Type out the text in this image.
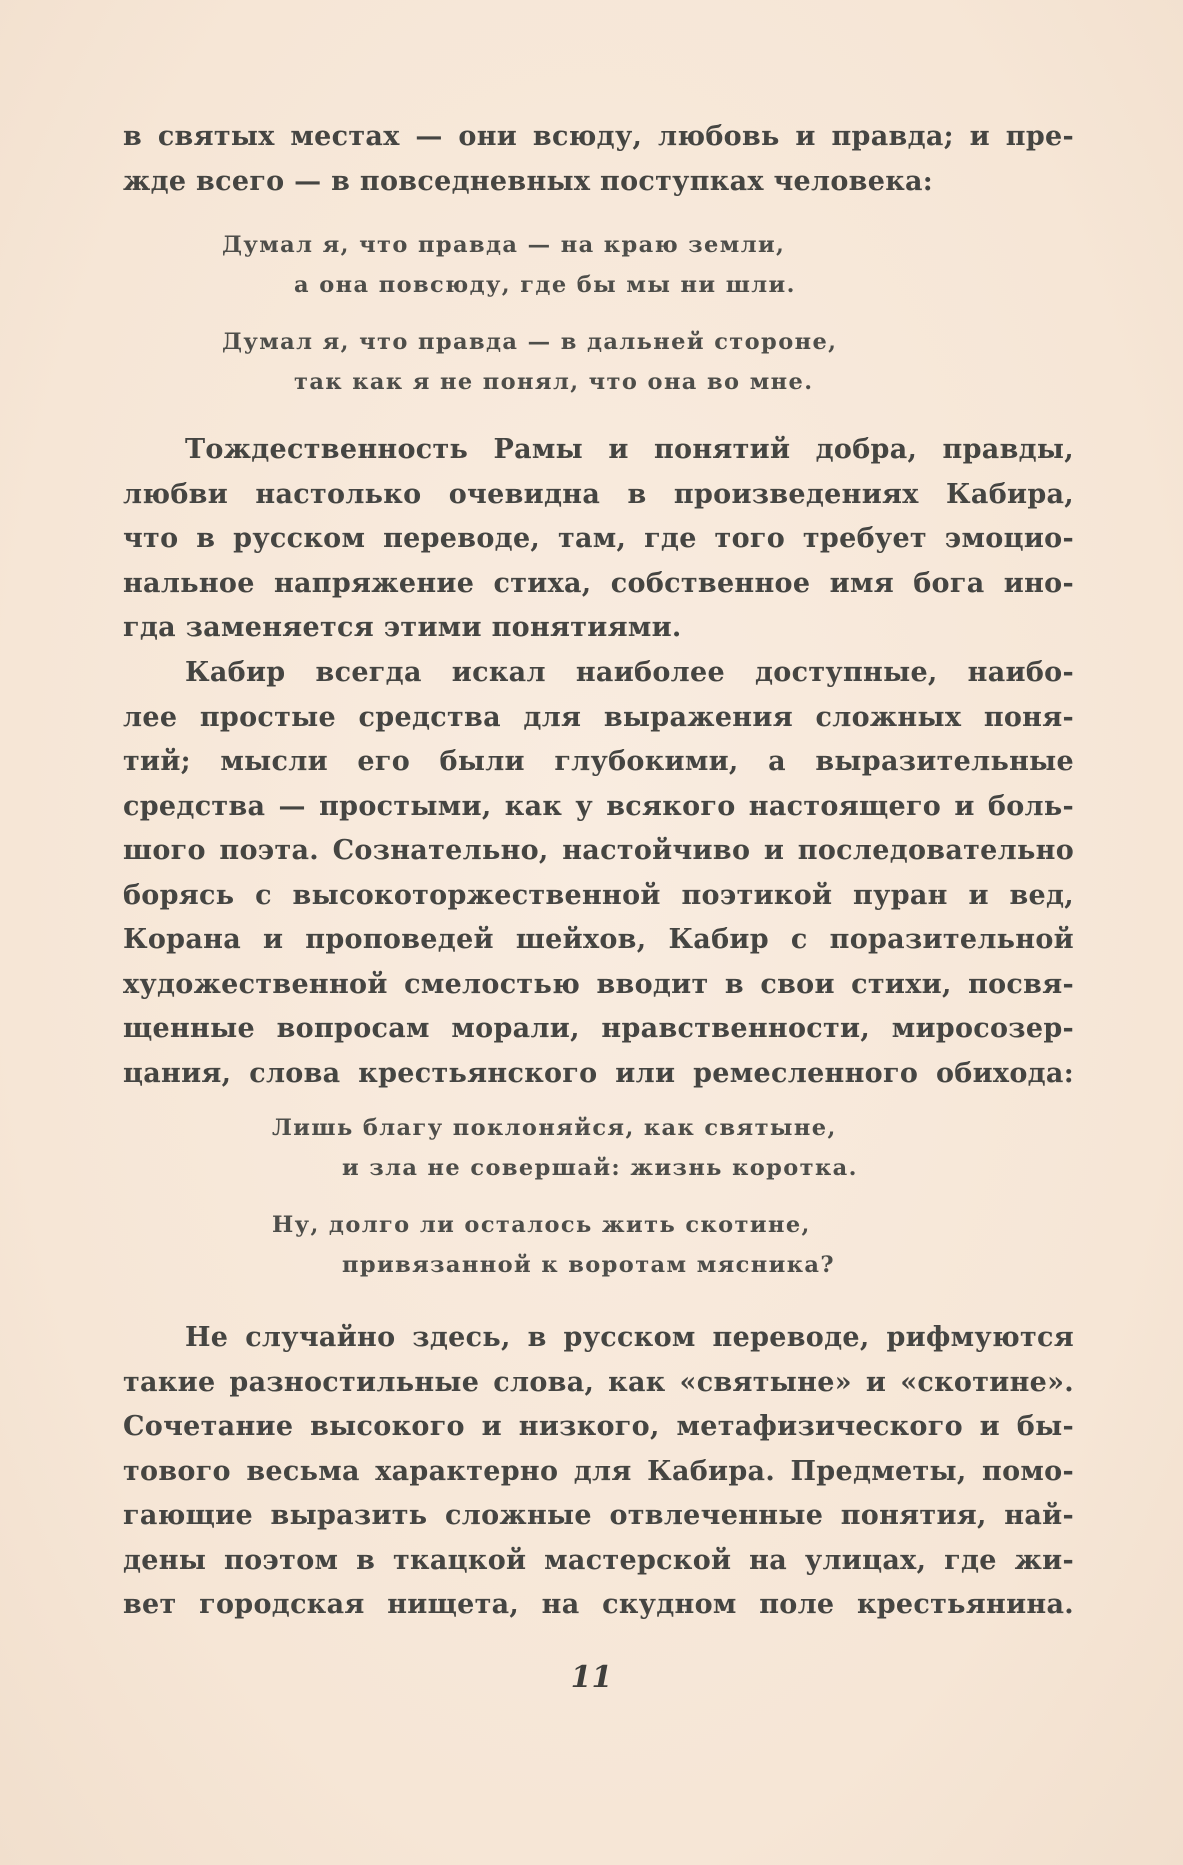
в святых местах — они всюду, любовь и правда; и пре-
жде всего — в повседневных поступках человека:
Думал я, что правда — на краю земли,
а она повсюду, где бы мы ни шли.
Думал я, что правда — в дальней стороне,
так как я не понял, что она во мне.
Тождественность Рамы и понятий добра, правды,
любви настолько очевидна в произведениях Кабира,
что в русском переводе, там, где того требует эмоцио-
нальное напряжение стиха, собственное имя бога ино-
гда заменяется этими понятиями.
Кабир всегда искал наиболее доступные, наибо-
лее простые средства для выражения сложных поня-
тий; мысли его были глубокими, а выразительные
средства — простыми, как у всякого настоящего и боль-
шого поэта. Сознательно, настойчиво и последовательно
борясь с высокоторжественной поэтикой пуран и вед,
Корана и проповедей шейхов, Кабир с поразительной
художественной смелостью вводит в свои стихи, посвя-
щенные вопросам морали, нравственности, миросозер-
цания, слова крестьянского или ремесленного обихода:
Лишь благу поклоняйся, как святыне,
и зла не совершай: жизнь коротка.
Ну, долго ли осталось жить скотине,
привязанной к воротам мясника?
Не случайно здесь, в русском переводе, рифмуются
такие разностильные слова, как «святыне» и «скотине».
Сочетание высокого и низкого, метафизического и бы-
тового весьма характерно для Кабира. Предметы, помо-
гающие выразить сложные отвлеченные понятия, най-
дены поэтом в ткацкой мастерской на улицах, где жи-
вет городская нищета, на скудном поле крестьянина.
11
